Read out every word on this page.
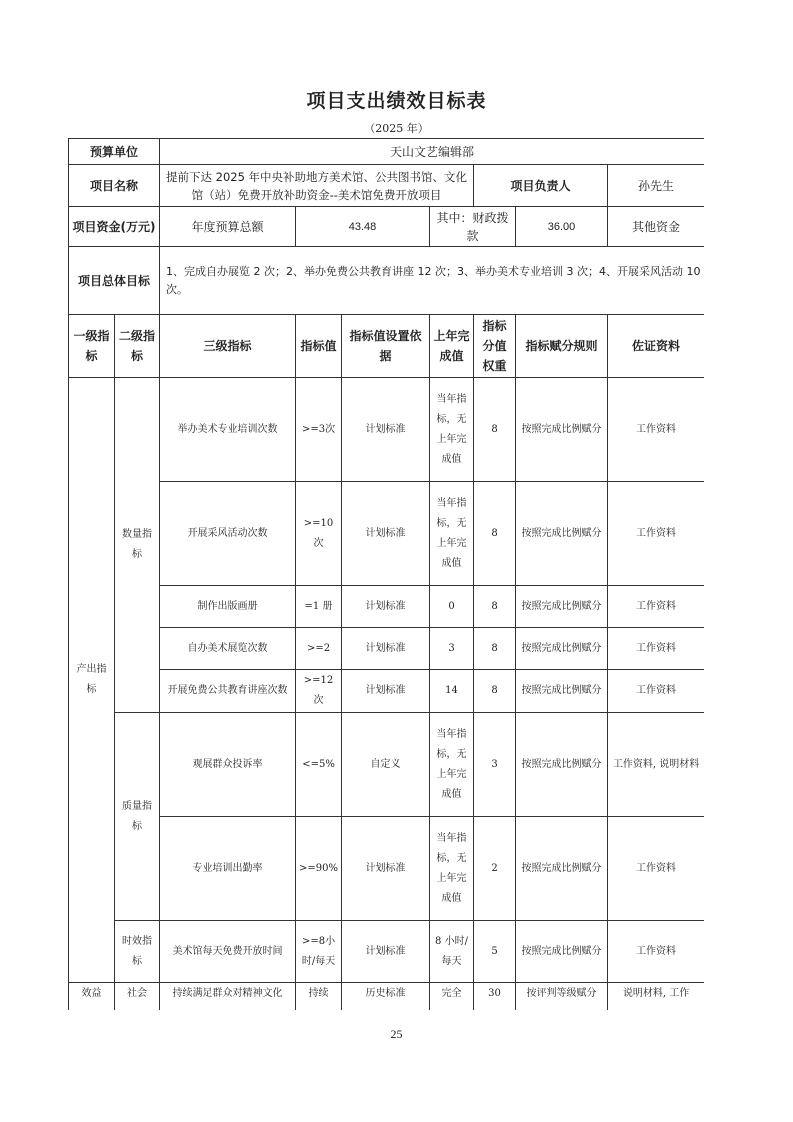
项目支出绩效目标表
（2025 年）
预算单位		天山文艺编辑部						
项目名称		提前下达 2025 年中央补助地方美术馆、公共图书馆、文化馆（站）免费开放补助资金--美术馆免费开放项目				项目负责人		孙先生
项目资金(万元)		年度预算总额	43.48		其中：财政拨款		36.00	其他资金
项目总体目标		1、完成自办展览 2 次；2、举办免费公共教育讲座 12 次；3、举办美术专业培训 3 次；4、开展采风活动 10 次。						
一级指标	二级指标	三级指标	指标值	指标值设置依据	上年完成值	指标分值权重	指标赋分规则	佐证资料
产出指标	数量指标	举办美术专业培训次数	>=3次	计划标准	当年指标，无上年完成值	8	按照完成比例赋分	工作资料
		开展采风活动次数	>=10次	计划标准	当年指标，无上年完成值	8	按照完成比例赋分	工作资料
		制作出版画册	=1 册	计划标准	0	8	按照完成比例赋分	工作资料
		自办美术展览次数	>=2	计划标准	3	8	按照完成比例赋分	工作资料
		开展免费公共教育讲座次数	>=12次	计划标准	14	8	按照完成比例赋分	工作资料
	质量指标	观展群众投诉率	<=5%	自定义	当年指标，无上年完成值	3	按照完成比例赋分	工作资料, 说明材料
		专业培训出勤率	>=90%	计划标准	当年指标，无上年完成值	2	按照完成比例赋分	工作资料
	时效指标	美术馆每天免费开放时间	>=8小时/每天	计划标准	8 小时/每天	5	按照完成比例赋分	工作资料
效益	社会	持续满足群众对精神文化	持续	历史标准	完全	30	按评判等级赋分	说明材料, 工作
25
